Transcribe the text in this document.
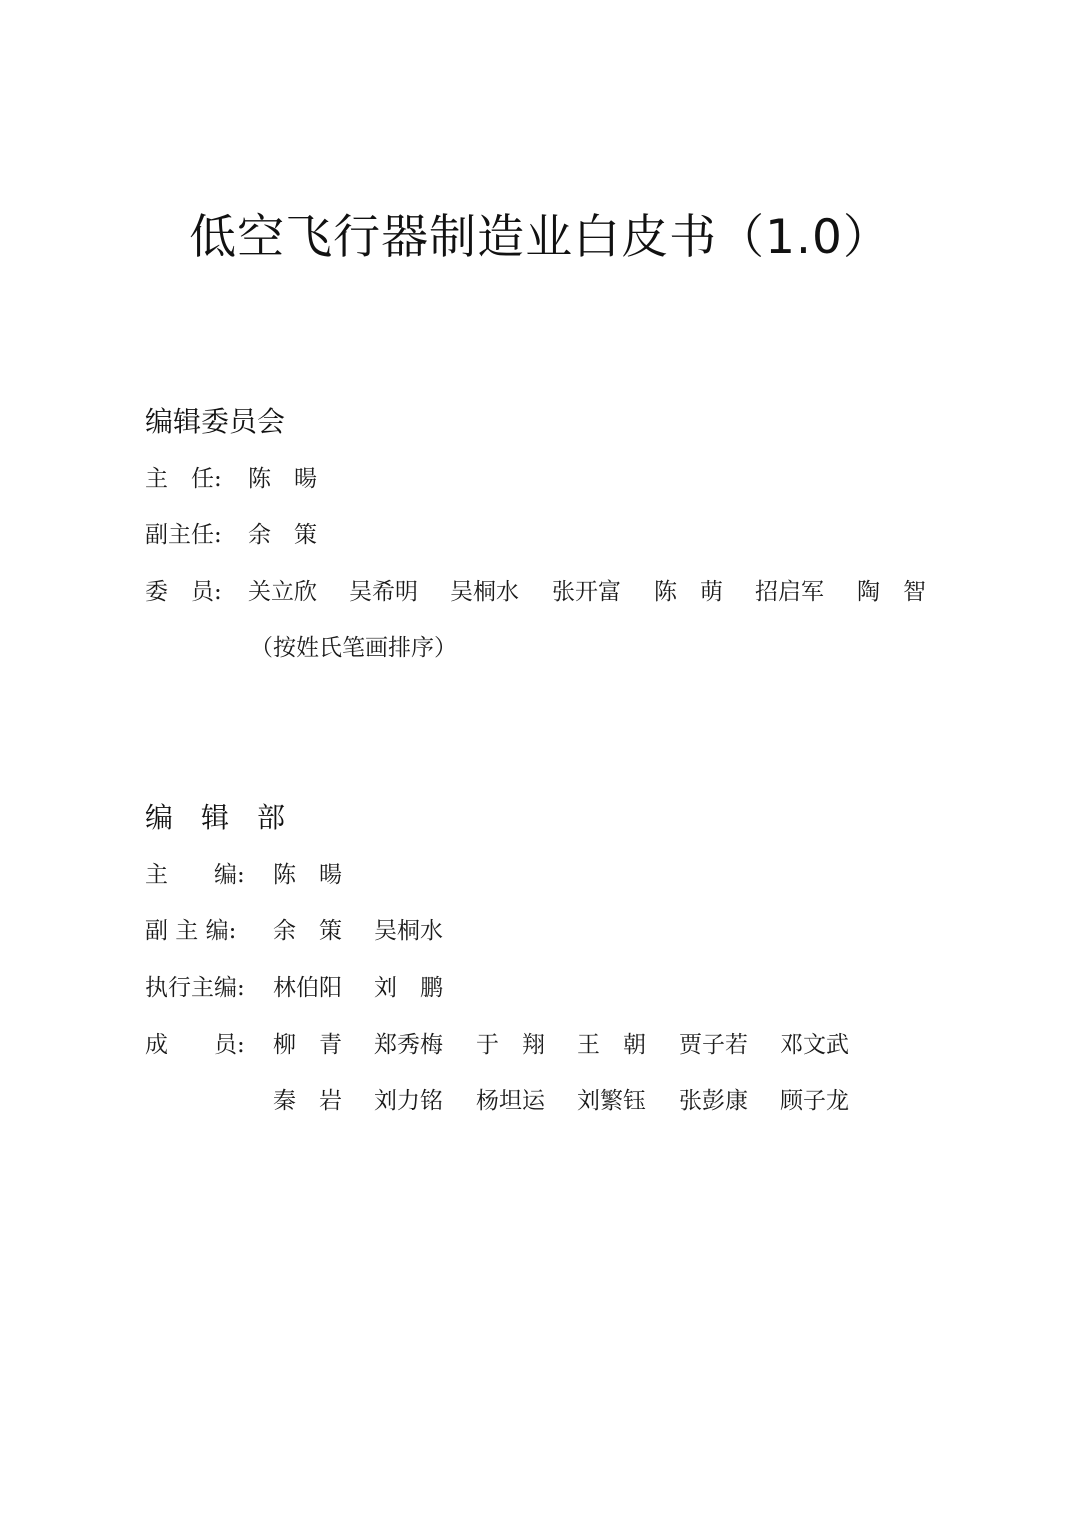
低空飞行器制造业白皮书（1.0）
编辑委员会
主　任: 陈　暘
副主任: 余　策
委　员: 关立欣 吴希明 吴桐水 张开富 陈　萌 招启军 陶　智
（按姓氏笔画排序）
编　辑　部
主　　编: 陈　暘
副 主 编: 余　策 吴桐水
执行主编: 林伯阳 刘　鹏
成　　员: 柳　青 郑秀梅 于　翔 王　朝 贾子若 邓文武
秦　岩 刘力铭 杨坦运 刘繁钰 张彭康 顾子龙
